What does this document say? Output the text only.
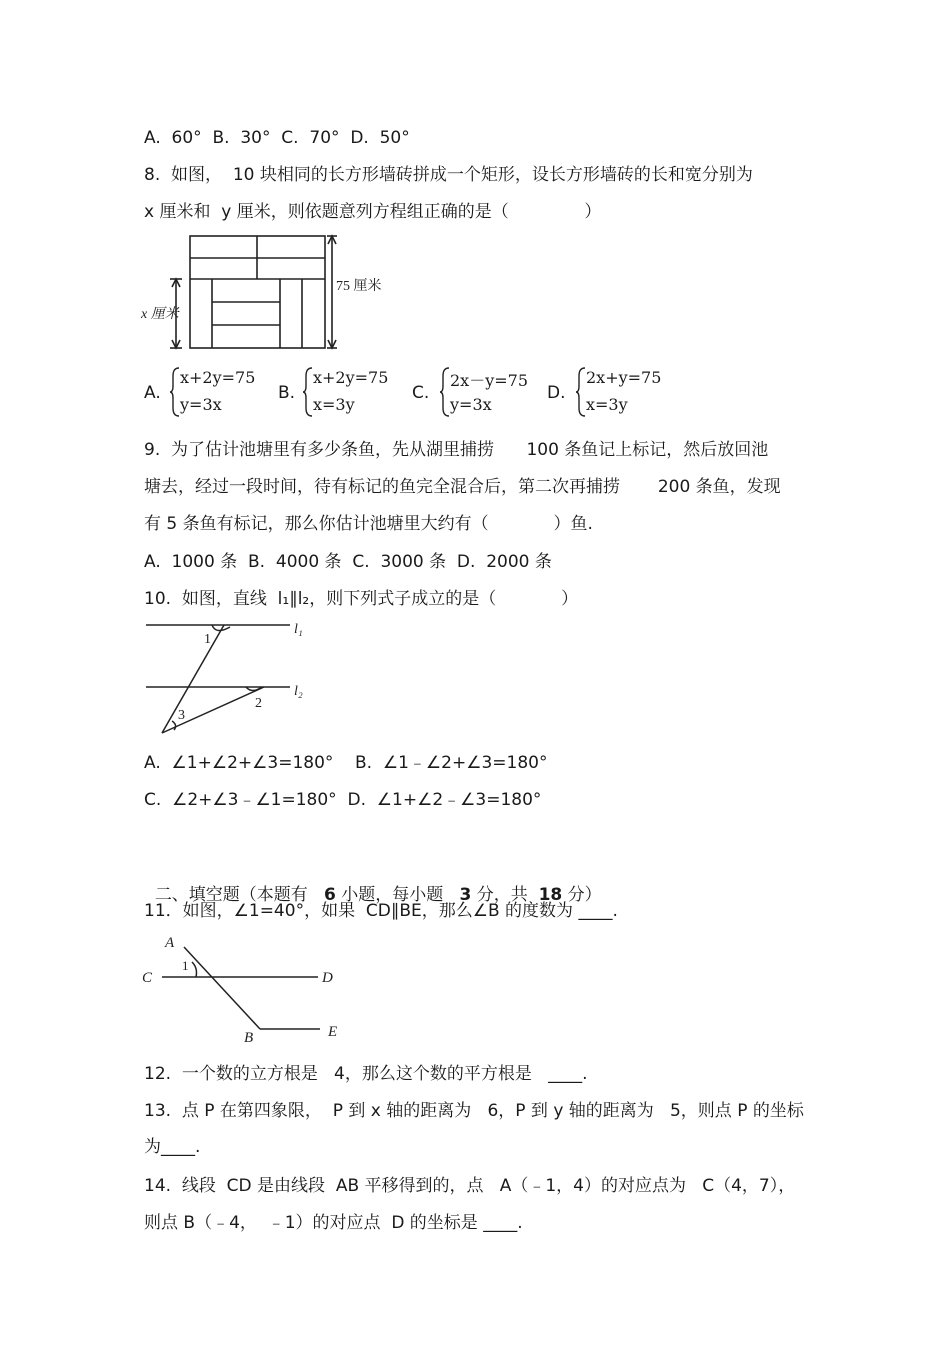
A.  60°  B.  30°  C.  70°  D.  50°
8.  如图，  10 块相同的长方形墙砖拼成一个矩形，设长方形墙砖的长和宽分别为
x 厘米和  y 厘米，则依题意列方程组正确的是（              ）
75 厘米
x 厘米
A.
x+2y=75
y=3x
B.
x+2y=75
x=3y
C.
2x－y=75
y=3x
D.
2x+y=75
x=3y
9.  为了估计池塘里有多少条鱼，先从湖里捕捞      100 条鱼记上标记，然后放回池
塘去，经过一段时间，待有标记的鱼完全混合后，第二次再捕捞       200 条鱼，发现
有 5 条鱼有标记，那么你估计池塘里大约有（            ）鱼.
A.  1000 条  B.  4000 条  C.  3000 条  D.  2000 条
10.  如图，直线  l₁∥l₂，则下列式子成立的是（            ）
l₁
l₂
1
2
3
A.  ∠1+∠2+∠3=180°    B.  ∠1﹣∠2+∠3=180°
C.  ∠2+∠3﹣∠1=180°  D.  ∠1+∠2﹣∠3=180°

二、填空题（本题有   6 小题，每小题   3 分，共  18 分）

11．如图，∠1=40°，如果  CD∥BE，那么∠B 的度数为 ____.
A
C	D
B	E
1
12.  一个数的立方根是   4，那么这个数的平方根是   ____.
13.  点 P 在第四象限，  P 到 x 轴的距离为   6，P 到 y 轴的距离为   5，则点 P 的坐标
为____.
14.  线段  CD 是由线段  AB 平移得到的，点   A（﹣1，4）的对应点为   C（4，7），
则点 B（﹣4，  ﹣1）的对应点  D 的坐标是 ____.
